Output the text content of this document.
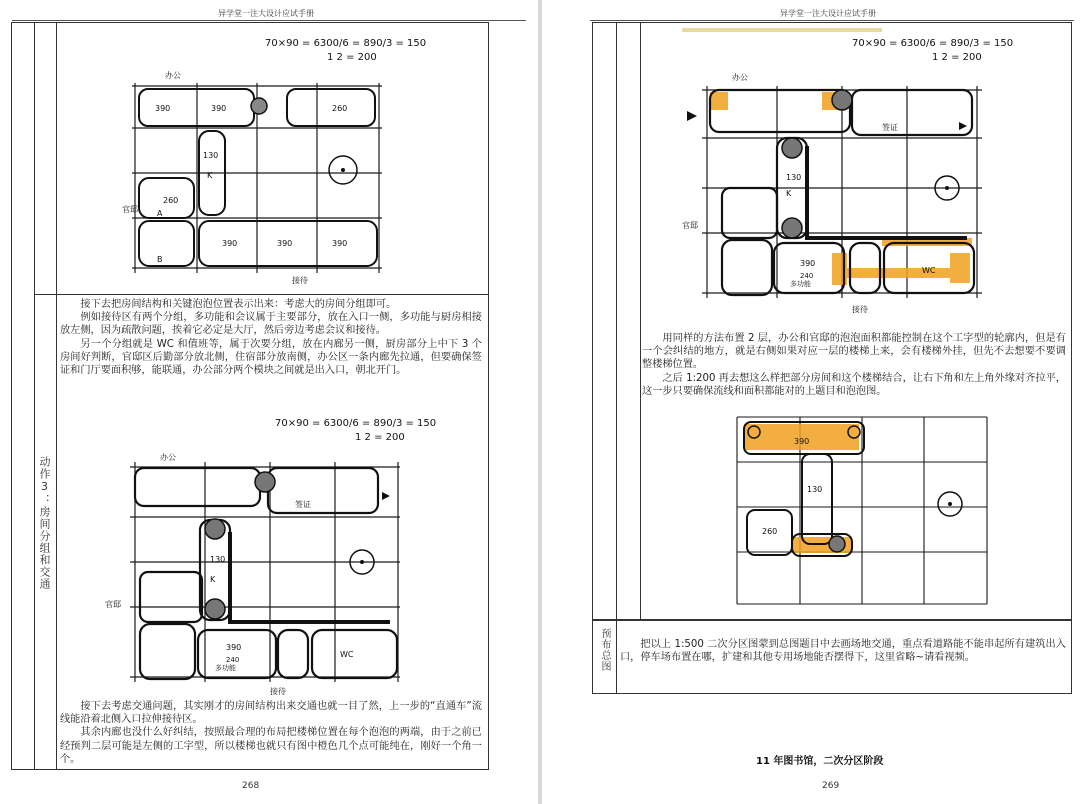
异学堂一注大设计应试手册
动作3：房间分组和交通
70×90 = 6300/6 = 890/3 = 150
1 2 = 200
390	390	260
130
260
390	390	390
K
A
B
办公
官邸
接待

接下去把房间结构和关键泡泡位置表示出来：考虑大的房间分组即可。

例如接待区有两个分组，多功能和会议属于主要部分，放在入口一侧，多功能与厨房相接放左侧，因为疏散问题，挨着它必定是大厅，然后旁边考虑会议和接待。

另一个分组就是 WC 和值班等，属于次要分组，放在内廊另一侧，厨房部分上中下 3 个房间好判断，官邸区后勤部分放北侧，住宿部分放南侧，办公区一条内廊先拉通，但要确保签证和门厅要面积够，能联通，办公部分两个模块之间就是出入口，朝北开门。

70×90 = 6300/6 = 890/3 = 150
1 2 = 200
130
K
390
240
办公
官邸
接待
签证
多功能
WC

接下去考虑交通问题，其实刚才的房间结构出来交通也就一目了然，上一步的“直通车”流线能沿着北侧入口拉伸接待区。

其余内廊也没什么好纠结，按照最合理的布局把楼梯位置在每个泡泡的两端，由于之前已经预判二层可能是左侧的工字型，所以楼梯也就只有图中橙色几个点可能纯在，刚好一个角一个。

268
异学堂一注大设计应试手册
70×90 = 6300/6 = 890/3 = 150
1 2 = 200
130
K
390
240
办公
官邸
接待
签证
多功能
WC

用同样的方法布置 2 层，办公和官邸的泡泡面积都能控制在这个工字型的轮廓内，但是有一个会纠结的地方，就是右侧如果对应一层的楼梯上来，会有楼梯外挂，但先不去想要不要调整楼梯位置。

之后 1:200 再去想这么样把部分房间和这个楼梯结合，让右下角和左上角外缘对齐拉平，这一步只要确保流线和面积都能对的上题目和泡泡图。

390
130
260
预布总图	把以上 1:500 二次分区图蒙到总图题目中去画场地交通，重点看道路能不能串起所有建筑出入口，停车场布置在哪，扩建和其他专用场地能否摆得下，这里省略~请看视频。

11 年图书馆，二次分区阶段
269
